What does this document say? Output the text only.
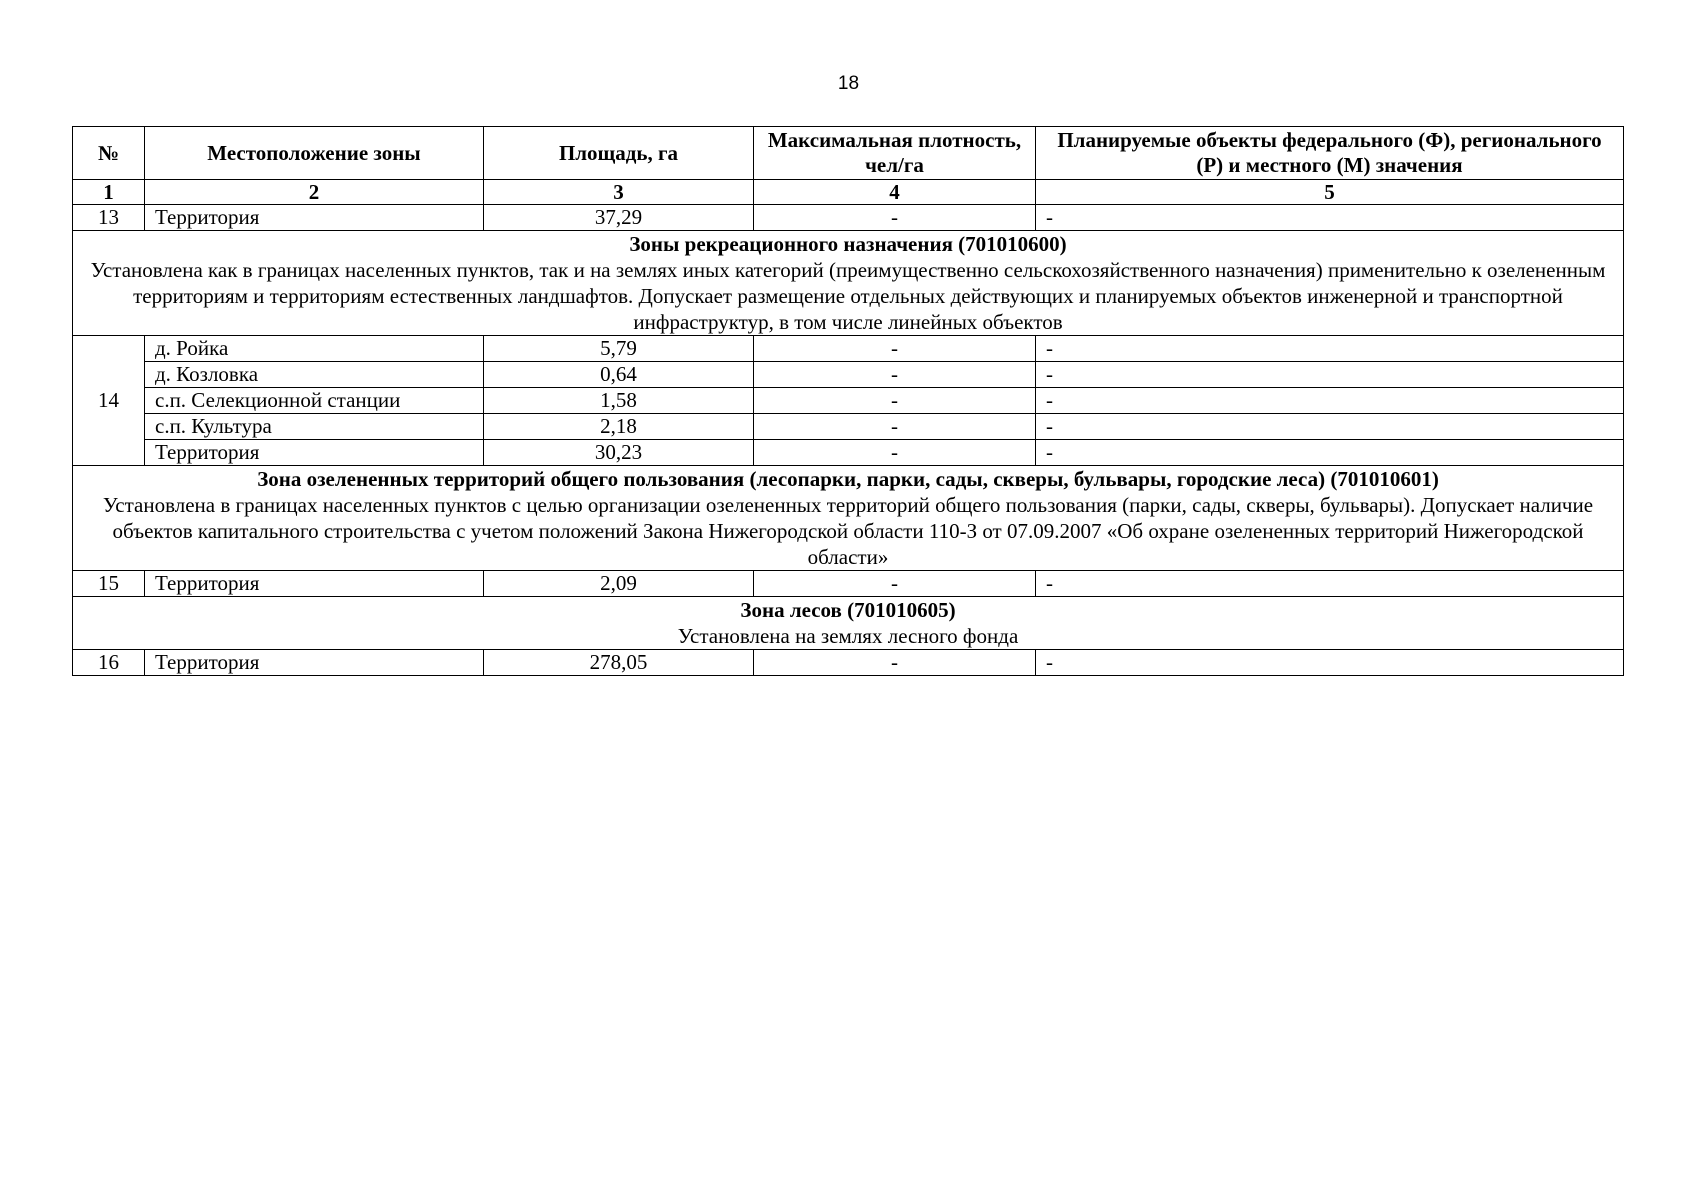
18
№	Местоположение зоны	Площадь, га	Максимальная плотность, чел/га	Планируемые объекты федерального (Ф), регионального (Р) и местного (М) значения
1	2	3	4	5
13	Территория	37,29	-	-

Зоны рекреационного назначения (701010600)
Установлена как в границах населенных пунктов, так и на землях иных категорий (преимущественно сельскохозяйственного назначения) применительно к озелененным территориям и территориям естественных ландшафтов. Допускает размещение отдельных действующих и планируемых объектов инженерной и транспортной инфраструктур, в том числе линейных объектов				

14	д. Ройка	5,79	-	-
	д. Козловка	0,64	-	-
	с.п. Селекционной станции	1,58	-	-
	с.п. Культура	2,18	-	-
	Территория	30,23	-	-

Зона озелененных территорий общего пользования (лесопарки, парки, сады, скверы, бульвары, городские леса) (701010601)
Установлена в границах населенных пунктов с целью организации озелененных территорий общего пользования (парки, сады, скверы, бульвары). Допускает наличие объектов капитального строительства с учетом положений Закона Нижегородской области 110-З от 07.09.2007 «Об охране озелененных территорий Нижегородской области»				

15	Территория	2,09	-	-

Зона лесов (701010605)
Установлена на землях лесного фонда				

16	Территория	278,05	-	-
